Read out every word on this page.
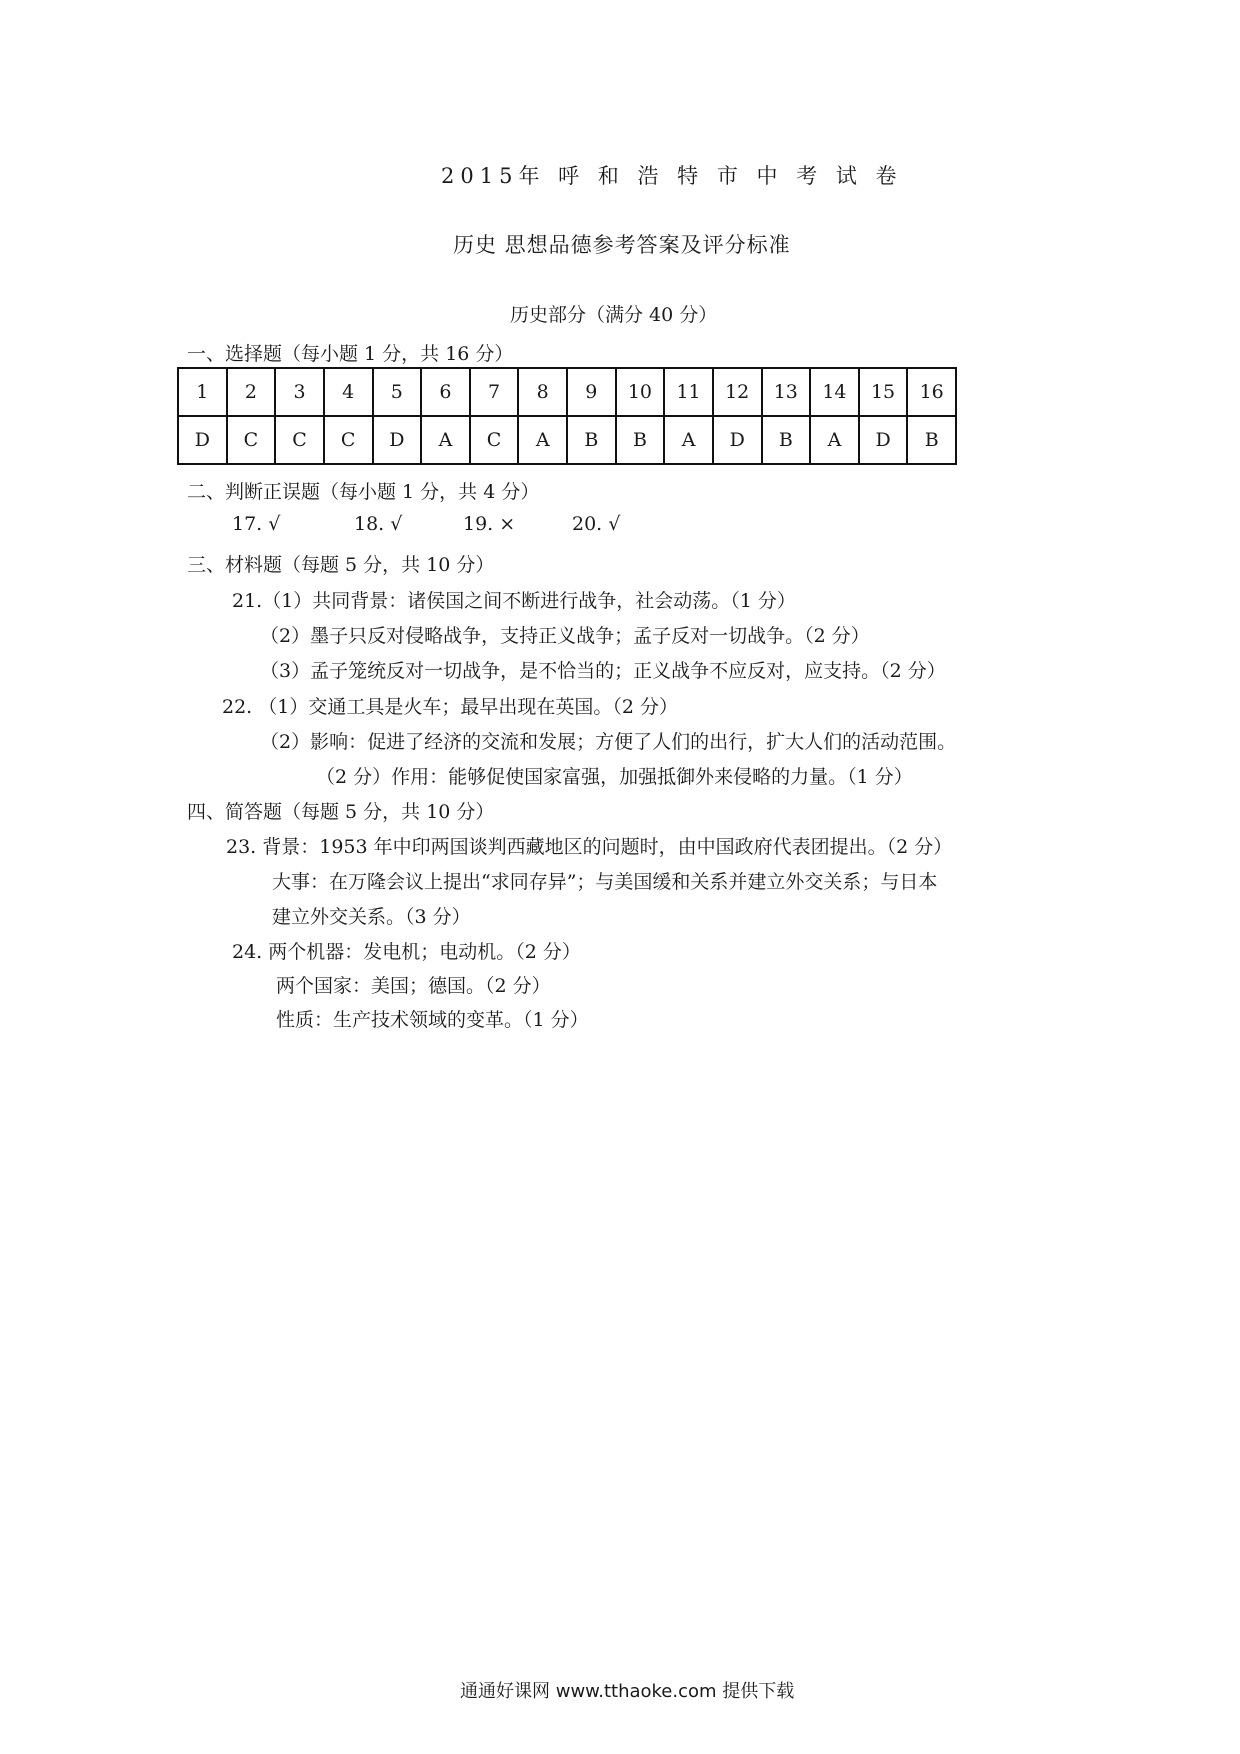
2015年 呼 和 浩 特 市 中 考 试 卷
历史 思想品德参考答案及评分标准
历史部分（满分 40 分）
一、选择题（每小题 1 分，共 16 分）
1	2	3	4	5	6	7	8	9	10	11	12	13	14	15	16
D	C	C	C	D	A	C	A	B	B	A	D	B	A	D	B
二、判断正误题（每小题 1 分，共 4 分）
17. √	18. √	19. ×	20. √
三、材料题（每题 5 分，共 10 分）
21.（1）共同背景：诸侯国之间不断进行战争，社会动荡。（1 分）
（2）墨子只反对侵略战争，支持正义战争；孟子反对一切战争。（2 分）
（3）孟子笼统反对一切战争，是不恰当的；正义战争不应反对，应支持。（2 分）
22. （1）交通工具是火车；最早出现在英国。（2 分）
（2）影响：促进了经济的交流和发展；方便了人们的出行，扩大人们的活动范围。
（2 分）作用：能够促使国家富强，加强抵御外来侵略的力量。（1 分）
四、简答题（每题 5 分，共 10 分）
23. 背景：1953 年中印两国谈判西藏地区的问题时，由中国政府代表团提出。（2 分）
大事：在万隆会议上提出“求同存异”；与美国缓和关系并建立外交关系；与日本
建立外交关系。（3 分）
24. 两个机器：发电机；电动机。（2 分）
两个国家：美国；德国。（2 分）
性质：生产技术领域的变革。（1 分）
通通好课网 www.tthaoke.com 提供下载
